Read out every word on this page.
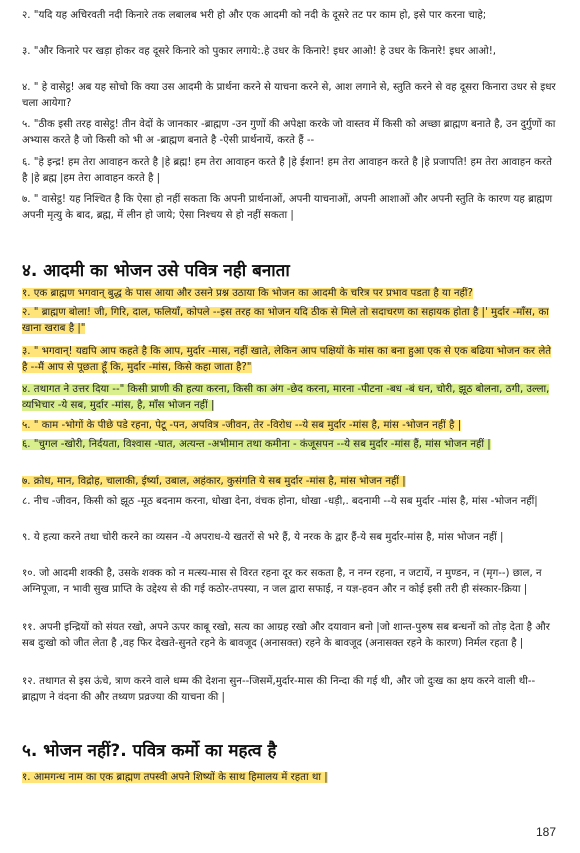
२. "यदि यह अचिरवती नदी किनारे तक लबालब भरी हो और एक आदमी को नदी के दूसरे तट पर काम हो, इसे पार करना चाहे;

३. "और किनारे पर खड़ा होकर वह दूसरे किनारे को पुकार लगाये:.हे उधर के किनारे! इधर आओ! हे उधर के किनारे! इधर आओ!,

४. " हे वासेट्ठ! अब यह सोचो कि क्या उस आदमी के प्रार्थना करने से याचना करने से, आश लगाने से, स्तुति करने से वह दूसरा किनारा उधर से इधर चला आयेगा?

५. "ठीक इसी तरह वासेट्ठ! तीन वेदों के जानकार -ब्राह्मण -उन गुणों की अपेक्षा करके जो वास्तव में किसी को अच्छा ब्राह्मण बनाते है, उन दुर्गुणों का अभ्यास करते है जो किसी को भी अ -ब्राह्मण बनाते है -ऐसी प्रार्थनायें, करते हैं --

६. "हे इन्द्र! हम तेरा आवाहन करते है |हे ब्रह्म! हम तेरा आवाहन करते है |हे ईशान! हम तेरा आवाहन करते है |हे प्रजापति! हम तेरा आवाहन करते है |हे ब्रह्म |हम तेरा आवाहन करते है |

७. " वासेट्ठ! यह निश्चित है कि ऐसा हो नहीं सकता कि अपनी प्रार्थनाओं, अपनी याचनाओं, अपनी आशाओं और अपनी स्तुति के कारण यह ब्राह्मण अपनी मृत्यु के बाद, ब्रह्म, में लीन हो जाये; ऐसा निश्चय से हो नहीं सकता |

४. आदमी का भोजन उसे पवित्र नही बनाता

१. एक ब्राह्मण भगवान् बुद्ध के पास आया और उसने प्रश्न उठाया कि भोजन का आदमी के चरित्र पर प्रभाव पडता है या नहीं?

२. " ब्राह्मण बोला! जी, गिरि, दाल, फलियाँ, कोपले --इस तरह का भोजन यदि ठीक से मिले तो सदाचरण का सहायक होता है |' मुर्दार -माँस, का खाना खराब है |"

३. " भगवान्! यद्यपि आप कहते है कि आप, मुर्दार -मास, नहीं खाते, लेकिन आप पक्षियों के मांस का बना हुआ एक से एक बढिया भोजन कर लेते है --मैं आप से पूछता हूँ कि, मुर्दार -मांस, किसे कहा जाता है?"

४. तथागत ने उत्तर दिया --" किसी प्राणी की हत्या करना, किसी का अंग -छेद करना, मारना -पीटना -बध -बं धन, चोरी, झूठ बोलना, ठगी, उल्ला, व्यभिचार -ये सब, मुर्दार -मांस, है, माँस भोजन नहीं |

५. " काम -भोगों के पीछे पडे रहना, पेटू -पन, अपवित्र -जीवन, तेर -विरोध --ये सब मुर्दार -मांस है, मांस -भोजन नहीं है |

६. "चुगल -खोरी, निर्दयता, विश्वास -घात, अत्यन्त -अभीमान तथा कमीना - कंजूसपन --ये सब मुर्दार -मांस हैं, मांस भोजन नहीं |

७. क्रोध, मान, विद्रोह, चालाकी, ईर्ष्या, उबाल, अहंकार, कुसंगति ये सब मुर्दार -मांस है, मांस भोजन नहीं |

८. नीच -जीवन, किसी को झूठ -मूठ बदनाम करना, धोखा देना, वंचक होना, धोखा -धड़ी,. बदनामी --ये सब मुर्दार -मांस है, मांस -भोजन नहीं|

९. ये हत्या करने तथा चोरी करने का व्यसन -ये अपराध-ये खतरों से भरे हैं, ये नरक के द्वार हैं-ये सब मुर्दार-मांस है, मांस भोजन नहीं |

१०. जो आदमी शक्की है, उसके शक्क को न मत्स्य-मास से विरत रहना दूर कर सकता है, न नग्न रहना, न जटायें, न मुण्डन, न (मृग--) छाल, न अग्निपूजा, न भावी सुख प्राप्ति के उद्देश्य से की गई कठोर-तपस्या, न जल द्वारा सफाई, न यज्ञ-हवन और न कोई इसी तरी ही संस्कार-क्रिया |

११. अपनी इन्द्रियों को संयत रखो, अपने ऊपर काबू रखो, सत्य का आग्रह रखो और दयावान बनो |जो शान्त-पुरुष सब बन्धनों को तोड़ देता है और सब दुःखो को जीत लेता है ,वह फिर देखते-सुनते रहने के बावजूद (अनासक्त) रहने के बावजूद (अनासक्त रहने के कारण) निर्मल रहता है |

१२. तथागत से इस ऊंचे, त्राण करने वाले धम्म की देशना सुन--जिसमें,मुर्दार-मास की निन्दा की गई थी, और जो दुःख का क्षय करने वाली थी--ब्राह्मण ने वंदना की और तथ्यण प्रव्रज्या की याचना की |

५. भोजन नहीं?. पवित्र कर्मो का महत्व है

१. आमगन्ध नाम का एक ब्राह्मण तपस्वी अपने शिष्यों के साथ हिमालय में रहता था |

187
